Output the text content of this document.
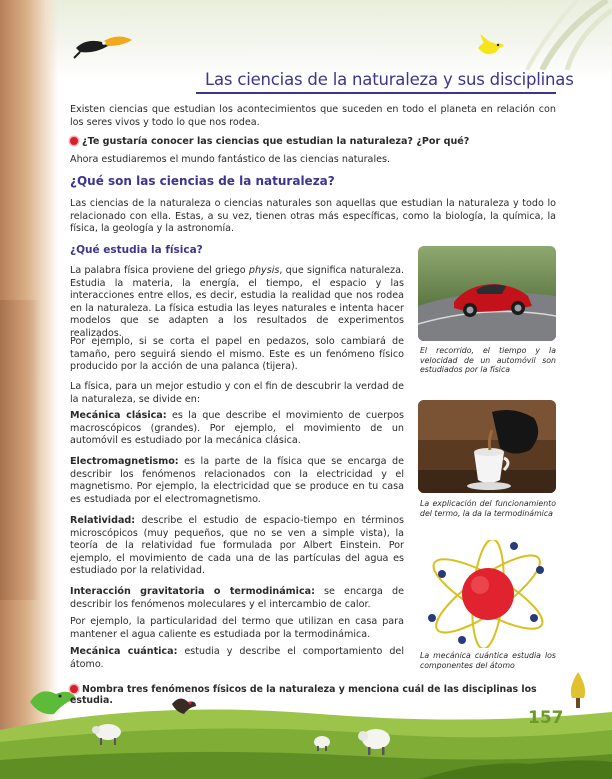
Las ciencias de la naturaleza y sus disciplinas

Existen ciencias que estudian los acontecimientos que suceden en todo el planeta en relación con los seres vivos y todo lo que nos rodea.

¿Te gustaría conocer las ciencias que estudian la naturaleza? ¿Por qué?

Ahora estudiaremos el mundo fantástico de las ciencias naturales.

¿Qué son las ciencias de la naturaleza?

Las ciencias de la naturaleza o ciencias naturales son aquellas que estudian la naturaleza y todo lo relacionado con ella. Estas, a su vez, tienen otras más específicas, como la biología, la química, la física, la geología y la astronomía.

¿Qué estudia la física?

La palabra física proviene del griego physis, que significa naturaleza. Estudia la materia, la energía, el tiempo, el espacio y las interacciones entre ellos, es decir, estudia la realidad que nos rodea en la naturaleza. La física estudia las leyes naturales e intenta hacer modelos que se adapten a los resultados de experimentos realizados.

Por ejemplo, si se corta el papel en pedazos, solo cambiará de tamaño, pero seguirá siendo el mismo. Este es un fenómeno físico producido por la acción de una palanca (tijera).

La física, para un mejor estudio y con el fin de descubrir la verdad de la naturaleza, se divide en:

Mecánica clásica: es la que describe el movimiento de cuerpos macroscópicos (grandes). Por ejemplo, el movimiento de un automóvil es estudiado por la mecánica clásica.

Electromagnetismo: es la parte de la física que se encarga de describir los fenómenos relacionados con la electricidad y el magnetismo. Por ejemplo, la electricidad que se produce en tu casa es estudiada por el electromagnetismo.

Relatividad: describe el estudio de espacio-tiempo en términos microscópicos (muy pequeños, que no se ven a simple vista), la teoría de la relatividad fue formulada por Albert Einstein. Por ejemplo, el movimiento de cada una de las partículas del agua es estudiado por la relatividad.

Interacción gravitatoria o termodinámica: se encarga de describir los fenómenos moleculares y el intercambio de calor.

Por ejemplo, la particularidad del termo que utilizan en casa para mantener el agua caliente es estudiada por la termodinámica.

Mecánica cuántica: estudia y describe el comportamiento del átomo.

El recorrido, el tiempo y la velocidad de un automóvil son estudiados por la física

La explicación del funcionamiento del termo, la da la termodinámica

La mecánica cuántica estudia los componentes del átomo

Nombra tres fenómenos físicos de la naturaleza y menciona cuál de las disciplinas los estudia.

157
